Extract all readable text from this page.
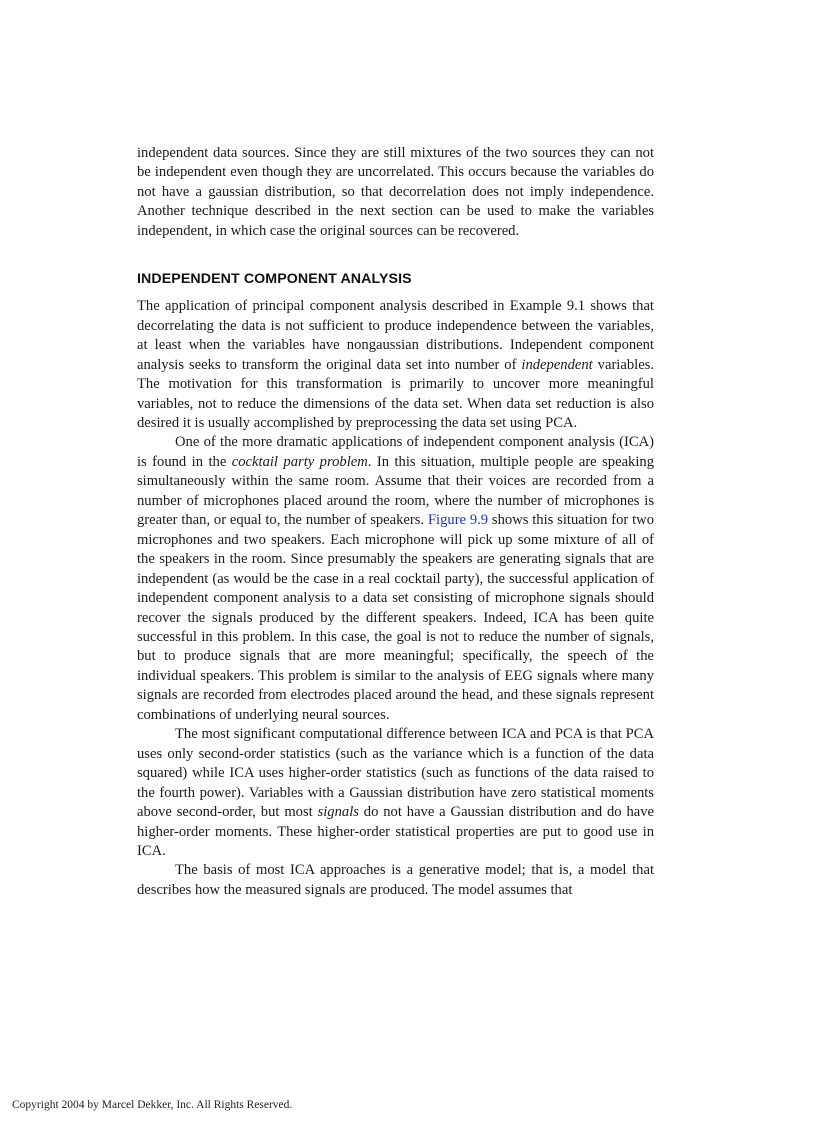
independent data sources. Since they are still mixtures of the two sources they can not be independent even though they are uncorrelated. This occurs because the variables do not have a gaussian distribution, so that decorrelation does not imply independence. Another technique described in the next section can be used to make the variables independent, in which case the original sources can be recovered.

INDEPENDENT COMPONENT ANALYSIS

The application of principal component analysis described in Example 9.1 shows that decorrelating the data is not sufficient to produce independence between the variables, at least when the variables have nongaussian distributions. Independent component analysis seeks to transform the original data set into number of independent variables. The motivation for this transformation is primarily to uncover more meaningful variables, not to reduce the dimensions of the data set. When data set reduction is also desired it is usually accomplished by preprocessing the data set using PCA.

One of the more dramatic applications of independent component analysis (ICA) is found in the cocktail party problem. In this situation, multiple people are speaking simultaneously within the same room. Assume that their voices are recorded from a number of microphones placed around the room, where the number of microphones is greater than, or equal to, the number of speakers. Figure 9.9 shows this situation for two microphones and two speakers. Each microphone will pick up some mixture of all of the speakers in the room. Since presumably the speakers are generating signals that are independent (as would be the case in a real cocktail party), the successful application of independent component analysis to a data set consisting of microphone signals should recover the signals produced by the different speakers. Indeed, ICA has been quite successful in this problem. In this case, the goal is not to reduce the number of signals, but to produce signals that are more meaningful; specifically, the speech of the individual speakers. This problem is similar to the analysis of EEG signals where many signals are recorded from electrodes placed around the head, and these signals represent combinations of underlying neural sources.

The most significant computational difference between ICA and PCA is that PCA uses only second-order statistics (such as the variance which is a function of the data squared) while ICA uses higher-order statistics (such as functions of the data raised to the fourth power). Variables with a Gaussian distribution have zero statistical moments above second-order, but most signals do not have a Gaussian distribution and do have higher-order moments. These higher-order statistical properties are put to good use in ICA.

The basis of most ICA approaches is a generative model; that is, a model that describes how the measured signals are produced. The model assumes that

Copyright 2004 by Marcel Dekker, Inc. All Rights Reserved.
